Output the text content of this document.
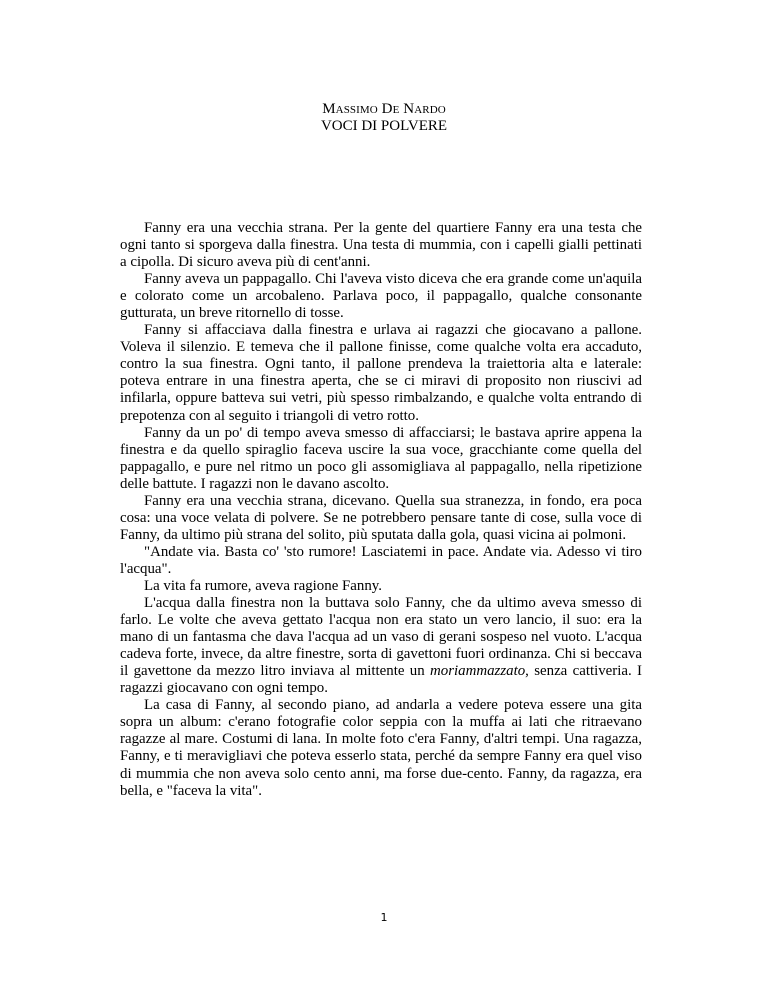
Massimo De Nardo
VOCI DI POLVERE

Fanny era una vecchia strana. Per la gente del quartiere Fanny era una testa che ogni tanto si sporgeva dalla finestra. Una testa di mummia, con i capelli gialli pettinati a cipolla. Di sicuro aveva più di cent'anni.

Fanny aveva un pappagallo. Chi l'aveva visto diceva che era grande come un'aquila e colorato come un arcobaleno. Parlava poco, il pappagallo, qualche consonante gutturata, un breve ritornello di tosse.

Fanny si affacciava dalla finestra e urlava ai ragazzi che giocavano a pallone. Voleva il silenzio. E temeva che il pallone finisse, come qualche volta era accaduto, contro la sua finestra. Ogni tanto, il pallone prendeva la traiettoria alta e laterale: poteva entrare in una finestra aperta, che se ci miravi di proposito non riuscivi ad infilarla, oppure batteva sui vetri, più spesso rimbalzando, e qualche volta entrando di prepotenza con al seguito i triangoli di vetro rotto.

Fanny da un po' di tempo aveva smesso di affacciarsi; le bastava aprire appena la finestra e da quello spiraglio faceva uscire la sua voce, gracchiante come quella del pappagallo, e pure nel ritmo un poco gli assomigliava al pappagallo, nella ripetizione delle battute. I ragazzi non le davano ascolto.

Fanny era una vecchia strana, dicevano. Quella sua stranezza, in fondo, era poca cosa: una voce velata di polvere. Se ne potrebbero pensare tante di cose, sulla voce di Fanny, da ultimo più strana del solito, più sputata dalla gola, quasi vicina ai polmoni.

"Andate via. Basta co' 'sto rumore! Lasciatemi in pace. Andate via. Adesso vi tiro l'acqua".

La vita fa rumore, aveva ragione Fanny.

L'acqua dalla finestra non la buttava solo Fanny, che da ultimo aveva smesso di farlo. Le volte che aveva gettato l'acqua non era stato un vero lancio, il suo: era la mano di un fantasma che dava l'acqua ad un vaso di gerani sospeso nel vuoto. L'acqua cadeva forte, invece, da altre finestre, sorta di gavettoni fuori ordinanza. Chi si beccava il gavettone da mezzo litro inviava al mittente un moriammazzato, senza cattiveria. I ragazzi giocavano con ogni tempo.

La casa di Fanny, al secondo piano, ad andarla a vedere poteva essere una gita sopra un album: c'erano fotografie color seppia con la muffa ai lati che ritraevano ragazze al mare. Costumi di lana. In molte foto c'era Fanny, d'altri tempi. Una ragazza, Fanny, e ti meravigliavi che poteva esserlo stata, perché da sempre Fanny era quel viso di mummia che non aveva solo cento anni, ma forse due-cento. Fanny, da ragazza, era bella, e "faceva la vita".

1
